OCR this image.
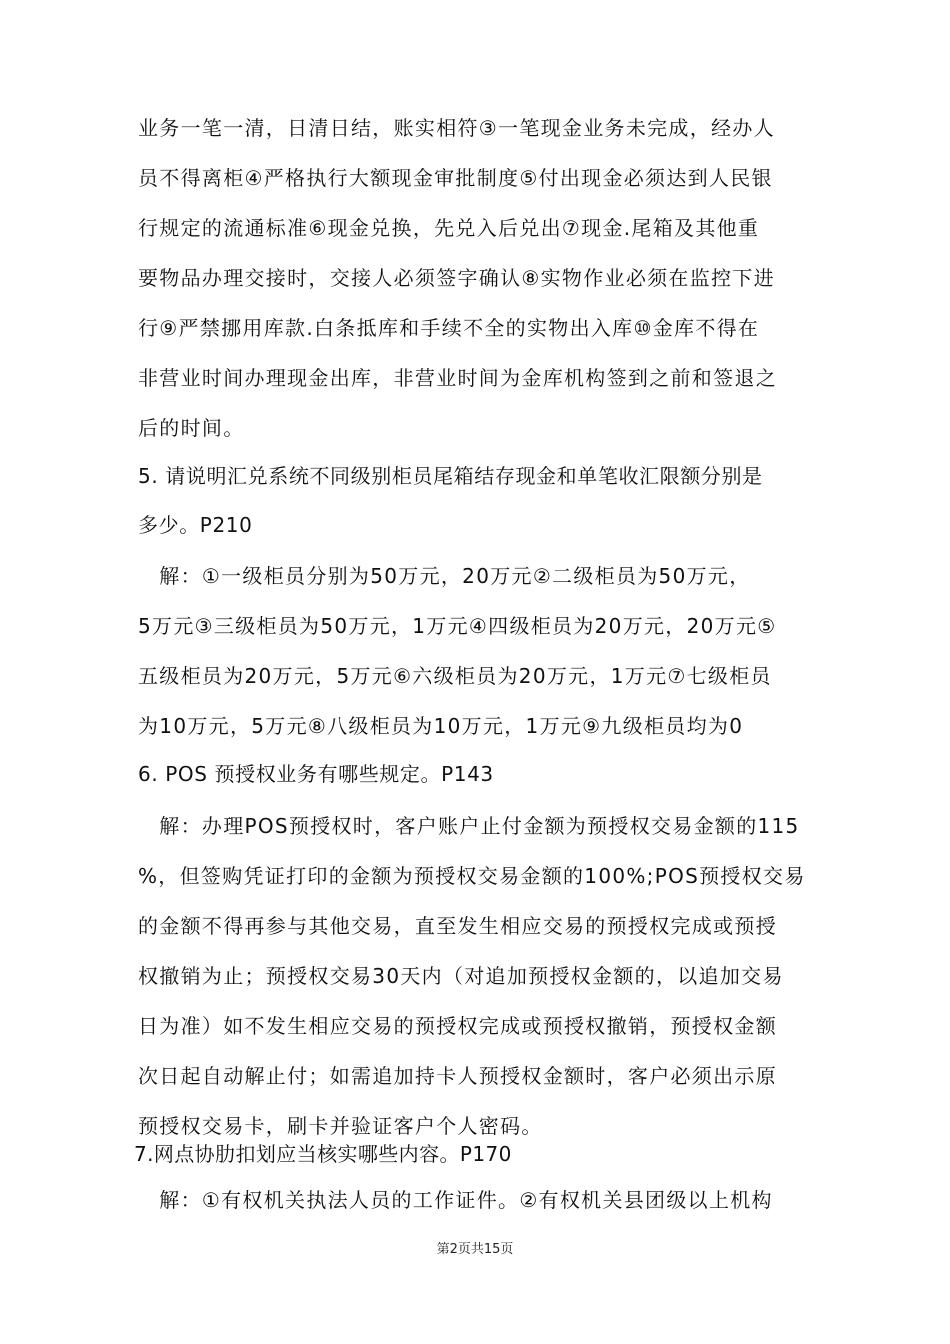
业务一笔一清，日清日结，账实相符③一笔现金业务未完成，经办人
员不得离柜④严格执行大额现金审批制度⑤付出现金必须达到人民银
行规定的流通标准⑥现金兑换，先兑入后兑出⑦现金.尾箱及其他重
要物品办理交接时，交接人必须签字确认⑧实物作业必须在监控下进
行⑨严禁挪用库款.白条抵库和手续不全的实物出入库⑩金库不得在
非营业时间办理现金出库，非营业时间为金库机构签到之前和签退之
后的时间。
5. 请说明汇兑系统不同级别柜员尾箱结存现金和单笔收汇限额分别是
多少。P210
　解：①一级柜员分别为50万元，20万元②二级柜员为50万元，
5万元③三级柜员为50万元，1万元④四级柜员为20万元，20万元⑤
五级柜员为20万元，5万元⑥六级柜员为20万元，1万元⑦七级柜员
为10万元，5万元⑧八级柜员为10万元，1万元⑨九级柜员均为0
6. POS 预授权业务有哪些规定。P143
　解：办理POS预授权时，客户账户止付金额为预授权交易金额的115
%，但签购凭证打印的金额为预授权交易金额的100%;POS预授权交易
的金额不得再参与其他交易，直至发生相应交易的预授权完成或预授
权撤销为止；预授权交易30天内（对追加预授权金额的，以追加交易
日为准）如不发生相应交易的预授权完成或预授权撤销，预授权金额
次日起自动解止付；如需追加持卡人预授权金额时，客户必须出示原
预授权交易卡，刷卡并验证客户个人密码。
7.网点协肋扣划应当核实哪些内容。P170
　解：①有权机关执法人员的工作证件。②有权机关县团级以上机构
第2页共15页
